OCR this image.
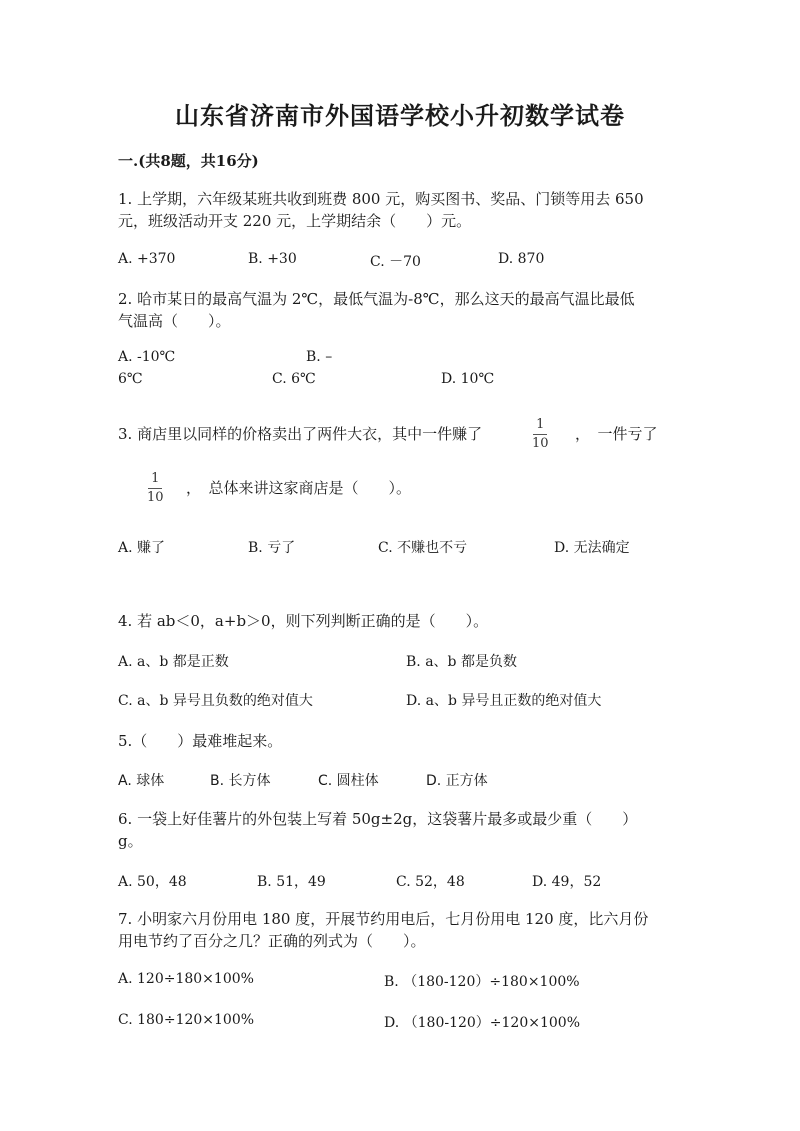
山东省济南市外国语学校小升初数学试卷
一.(共8题，共16分)
1. 上学期，六年级某班共收到班费 800 元，购买图书、奖品、门锁等用去 650
元，班级活动开支 220 元，上学期结余（　　）元。
A. +370	B. +30	C. －70	D. 870
2. 哈市某日的最高气温为 2℃，最低气温为-8℃，那么这天的最高气温比最低
气温高（　　）。
A. -10℃	B. –
6℃	C. 6℃	D. 10℃
3. 商店里以同样的价格卖出了两件大衣，其中一件赚了
1
10
，　一件亏了
1
10
，　总体来讲这家商店是（　　）。
A. 赚了	B. 亏了	C. 不赚也不亏	D. 无法确定
4. 若 ab＜0，a+b＞0，则下列判断正确的是（　　）。
A. a、b 都是正数	B. a、b 都是负数
C. a、b 异号且负数的绝对值大	D. a、b 异号且正数的绝对值大
5.（　　）最难堆起来。
A. 球体	B. 长方体	C. 圆柱体	D. 正方体
6. 一袋上好佳薯片的外包装上写着 50g±2g，这袋薯片最多或最少重（　　）
g。
A. 50，48	B. 51，49	C. 52，48	D. 49，52
7. 小明家六月份用电 180 度，开展节约用电后，七月份用电 120 度，比六月份
用电节约了百分之几？正确的列式为（　　）。
A. 120÷180×100%	B. （180-120）÷180×100%
C. 180÷120×100%	D. （180-120）÷120×100%
